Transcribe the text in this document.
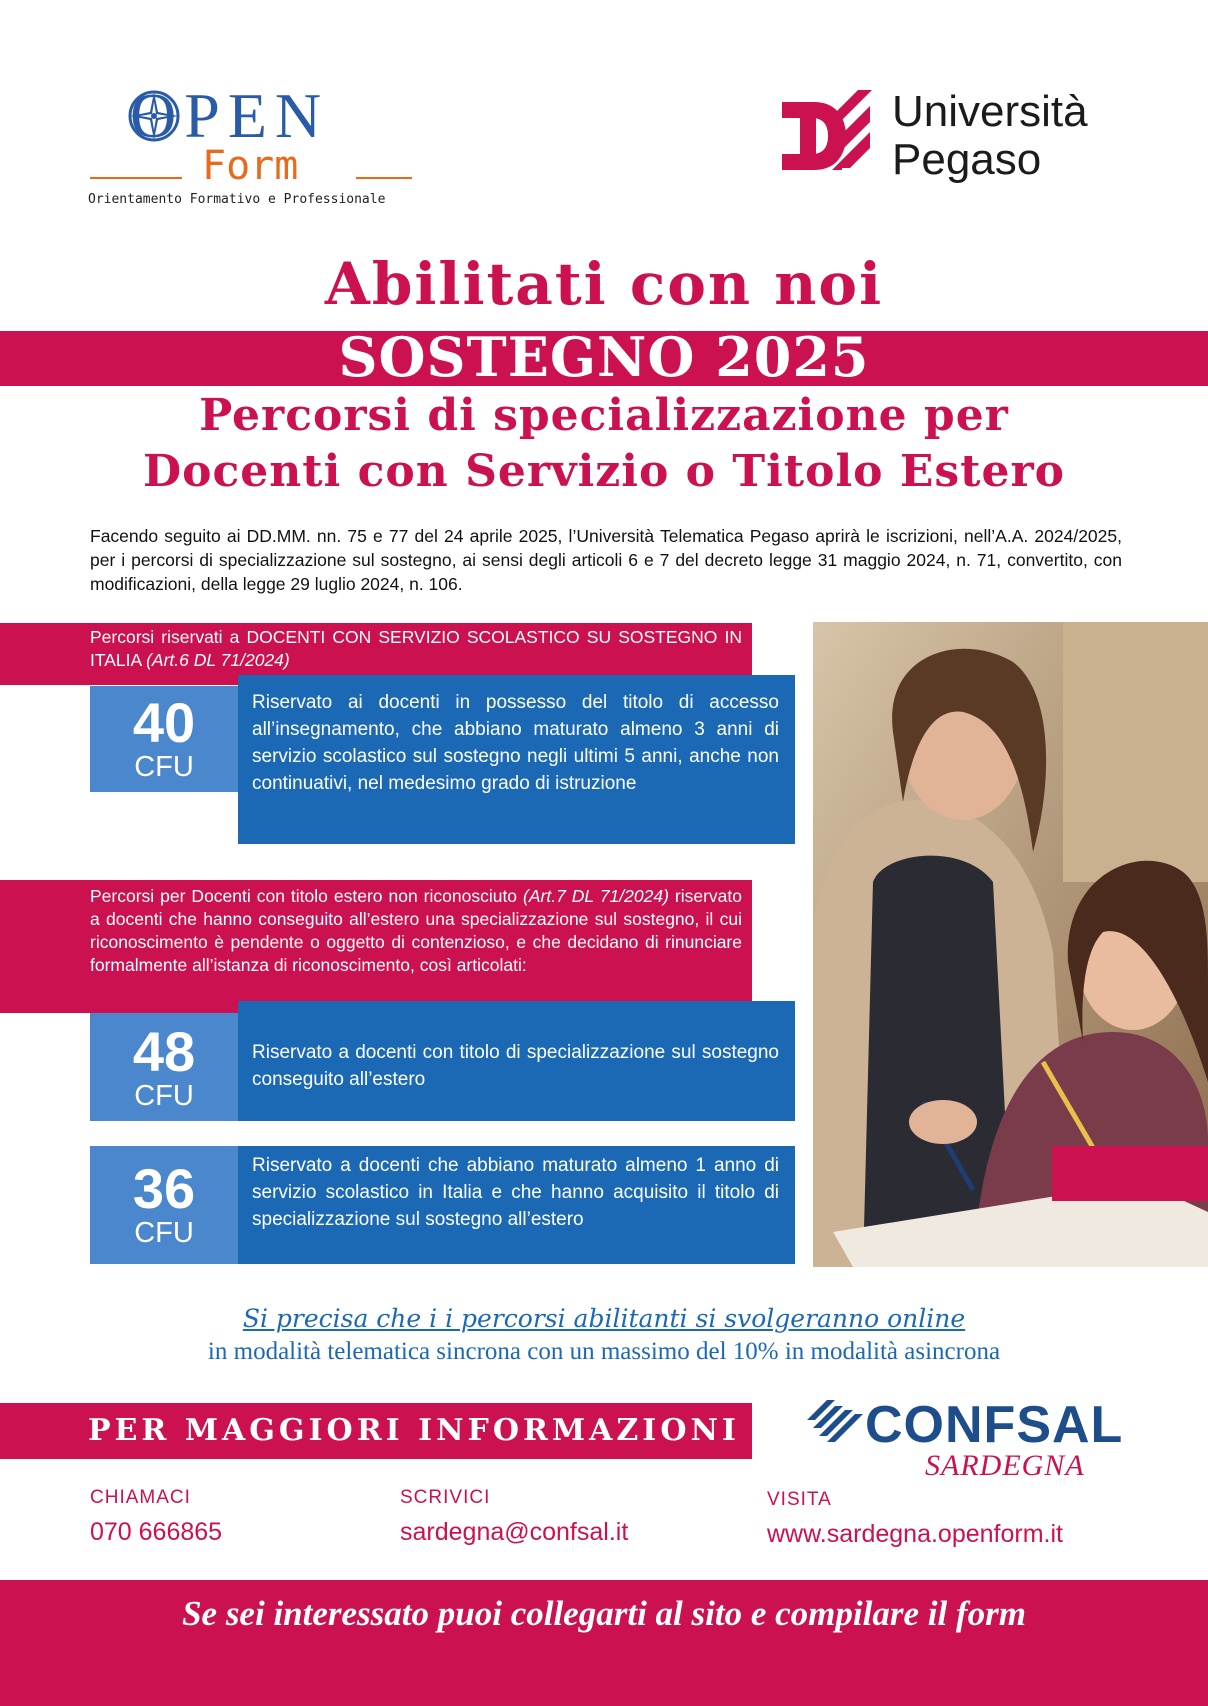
OPEN
Form
Orientamento Formativo e Professionale
Università
Pegaso
Abilitati con noi
SOSTEGNO 2025
Percorsi di specializzazione per
Docenti con Servizio o Titolo Estero
Facendo seguito ai DD.MM. nn. 75 e 77 del 24 aprile 2025, l’Università Telematica Pegaso aprirà le iscrizioni, nell’A.A. 2024/2025, per i percorsi di specializzazione sul sostegno, ai sensi degli articoli 6 e 7 del decreto legge 31 maggio 2024, n. 71, convertito, con modificazioni, della legge 29 luglio 2024, n. 106.
Percorsi riservati a DOCENTI CON SERVIZIO SCOLASTICO SU SOSTEGNO IN ITALIA (Art.6 DL 71/2024)
40
CFU
Riservato ai docenti in possesso del titolo di accesso all’insegnamento, che abbiano maturato almeno 3 anni di servizio scolastico sul sostegno negli ultimi 5 anni, anche non continuativi, nel medesimo grado di istruzione
Percorsi per Docenti con titolo estero non riconosciuto (Art.7 DL 71/2024) riservato a docenti che hanno conseguito all’estero una specializzazione sul sostegno, il cui riconoscimento è pendente o oggetto di contenzioso, e che decidano di rinunciare formalmente all’istanza di riconoscimento, così articolati:
48
CFU
Riservato a docenti con titolo di specializzazione sul sostegno conseguito all’estero
36
CFU
Riservato a docenti che abbiano maturato almeno 1 anno di servizio scolastico in Italia e che hanno acquisito il titolo di specializzazione sul sostegno all’estero
Si precisa che i i percorsi abilitanti si svolgeranno online
in modalità telematica sincrona con un massimo del 10% in modalità asincrona
PER MAGGIORI INFORMAZIONI CONFSAL
SARDEGNA
CHIAMACI
070 666865
SCRIVICI
sardegna@confsal.it
VISITA
www.sardegna.openform.it
Se sei interessato puoi collegarti al sito e compilare il form
